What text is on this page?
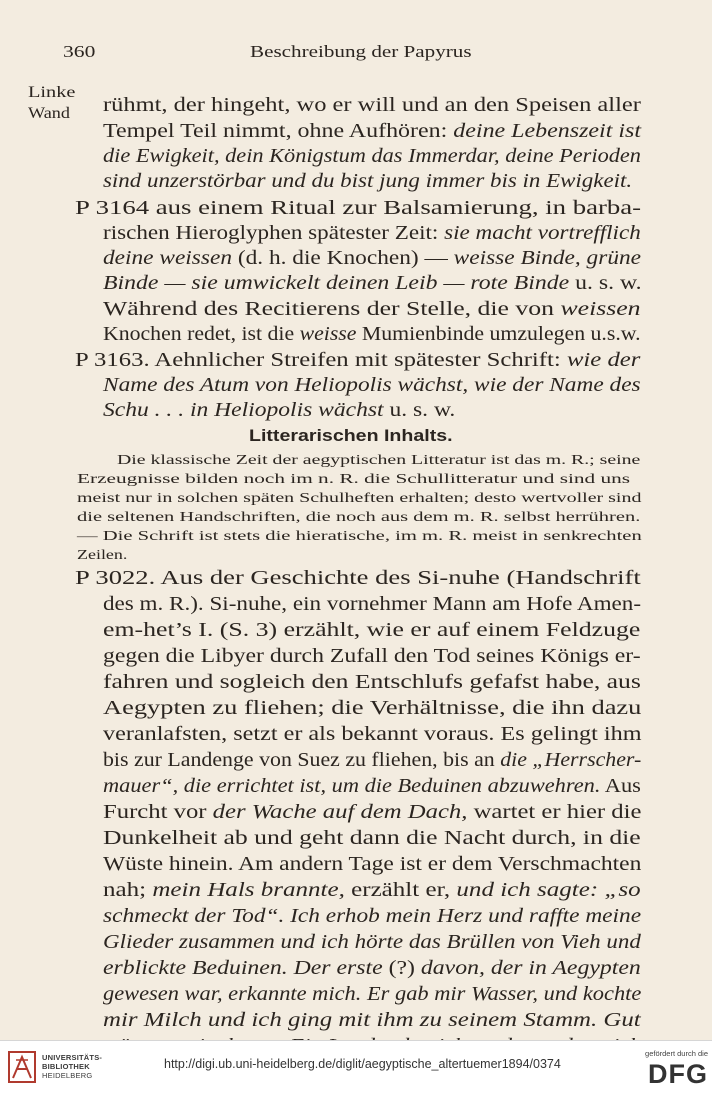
360	Beschreibung der Papyrus
Linke
Wand rühmt, der hingeht, wo er will und an den Speisen aller
Tempel Teil nimmt, ohne Aufhören: deine Lebenszeit ist
die Ewigkeit, dein Königstum das Immerdar, deine Perioden
sind unzerstörbar und du bist jung immer bis in Ewigkeit.
P 3164 aus einem Ritual zur Balsamierung, in barba-
rischen Hieroglyphen spätester Zeit: sie macht vortrefflich
deine weissen (d. h. die Knochen) — weisse Binde, grüne
Binde — sie umwickelt deinen Leib — rote Binde u. s. w.
Während des Recitierens der Stelle, die von weissen
Knochen redet, ist die weisse Mumienbinde umzulegen u.s.w.
P 3163. Aehnlicher Streifen mit spätester Schrift: wie der
Name des Atum von Heliopolis wächst, wie der Name des
Schu . . . in Heliopolis wächst u. s. w.
Litterarischen Inhalts.
Die klassische Zeit der aegyptischen Litteratur ist das m. R.; seine
Erzeugnisse bilden noch im n. R. die Schullitteratur und sind uns
meist nur in solchen späten Schulheften erhalten; desto wertvoller sind
die seltenen Handschriften, die noch aus dem m. R. selbst herrühren.
— Die Schrift ist stets die hieratische, im m. R. meist in senkrechten
Zeilen.
P 3022. Aus der Geschichte des Si-nuhe (Handschrift
des m. R.). Si-nuhe, ein vornehmer Mann am Hofe Amen-
em-het’s I. (S. 3) erzählt, wie er auf einem Feldzuge
gegen die Libyer durch Zufall den Tod seines Königs er-
fahren und sogleich den Entschlufs gefafst habe, aus
Aegypten zu fliehen; die Verhältnisse, die ihn dazu
veranlafsten, setzt er als bekannt voraus. Es gelingt ihm
bis zur Landenge von Suez zu fliehen, bis an die „Herrscher-
mauer“, die errichtet ist, um die Beduinen abzuwehren. Aus
Furcht vor der Wache auf dem Dach, wartet er hier die
Dunkelheit ab und geht dann die Nacht durch, in die
Wüste hinein. Am andern Tage ist er dem Verschmachten
nah; mein Hals brannte, erzählt er, und ich sagte: „so
schmeckt der Tod“. Ich erhob mein Herz und raffte meine
Glieder zusammen und ich hörte das Brüllen von Vieh und
erblickte Beduinen. Der erste (?) davon, der in Aegypten
gewesen war, erkannte mich. Er gab mir Wasser, und kochte
mir Milch und ich ging mit ihm zu seinem Stamm. Gut
UNIVERSITÄTS-
BIBLIOTHEK
HEIDELBERG
http://digi.ub.uni-heidelberg.de/diglit/aegyptische_altertuemer1894/0374
gefördert durch die
DFG
